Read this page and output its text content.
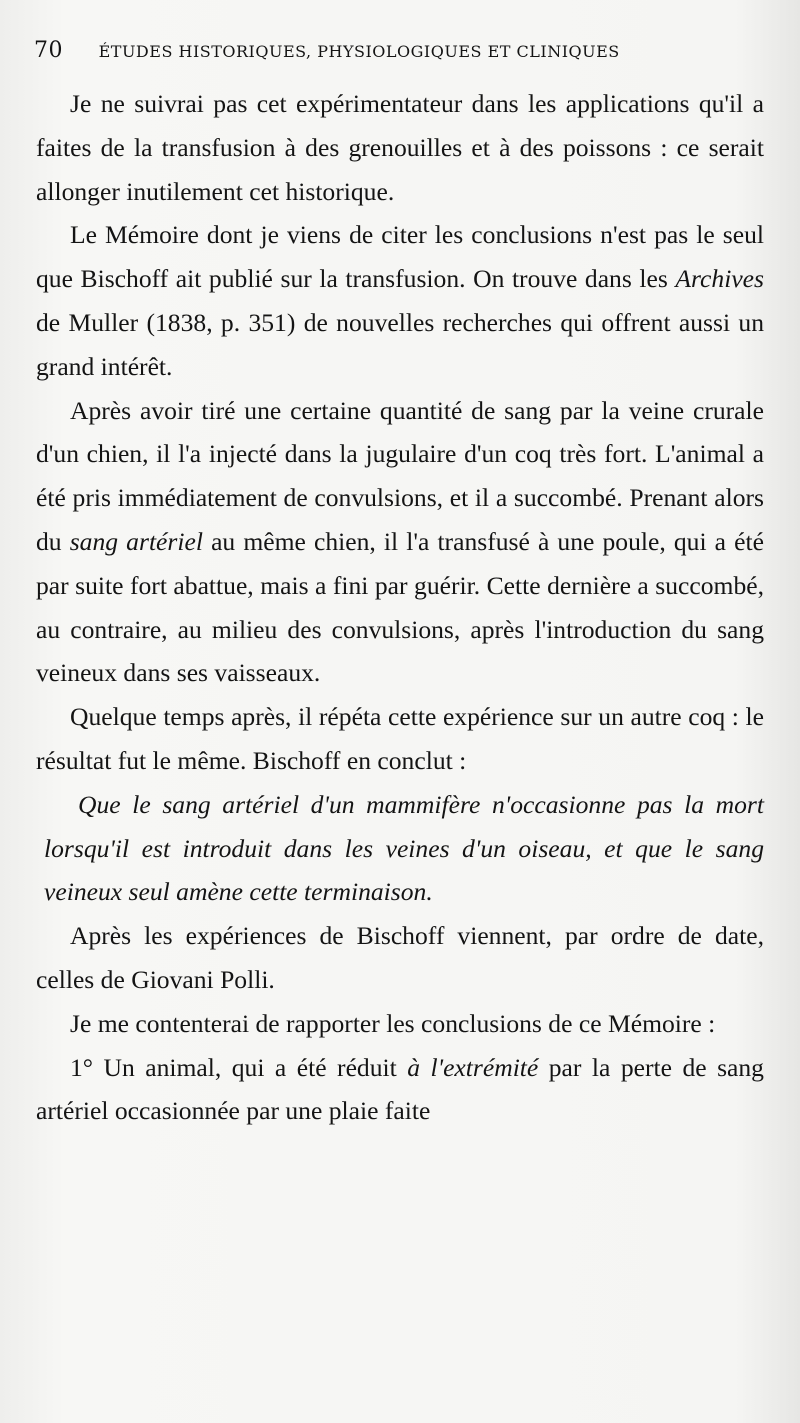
70 ÉTUDES HISTORIQUES, PHYSIOLOGIQUES ET CLINIQUES

Je ne suivrai pas cet expérimentateur dans les applications qu'il a faites de la transfusion à des grenouilles et à des poissons : ce serait allonger inutilement cet historique.

Le Mémoire dont je viens de citer les conclusions n'est pas le seul que Bischoff ait publié sur la transfusion. On trouve dans les Archives de Muller (1838, p. 351) de nouvelles recherches qui offrent aussi un grand intérêt.

Après avoir tiré une certaine quantité de sang par la veine crurale d'un chien, il l'a injecté dans la jugulaire d'un coq très fort. L'animal a été pris immédiatement de convulsions, et il a succombé. Prenant alors du sang artériel au même chien, il l'a transfusé à une poule, qui a été par suite fort abattue, mais a fini par guérir. Cette dernière a succombé, au contraire, au milieu des convulsions, après l'introduction du sang veineux dans ses vaisseaux.

Quelque temps après, il répéta cette expérience sur un autre coq : le résultat fut le même. Bischoff en conclut :

Que le sang artériel d'un mammifère n'occasionne pas la mort lorsqu'il est introduit dans les veines d'un oiseau, et que le sang veineux seul amène cette terminaison.

Après les expériences de Bischoff viennent, par ordre de date, celles de Giovani Polli.

Je me contenterai de rapporter les conclusions de ce Mémoire :

1° Un animal, qui a été réduit à l'extrémité par la perte de sang artériel occasionnée par une plaie faite
